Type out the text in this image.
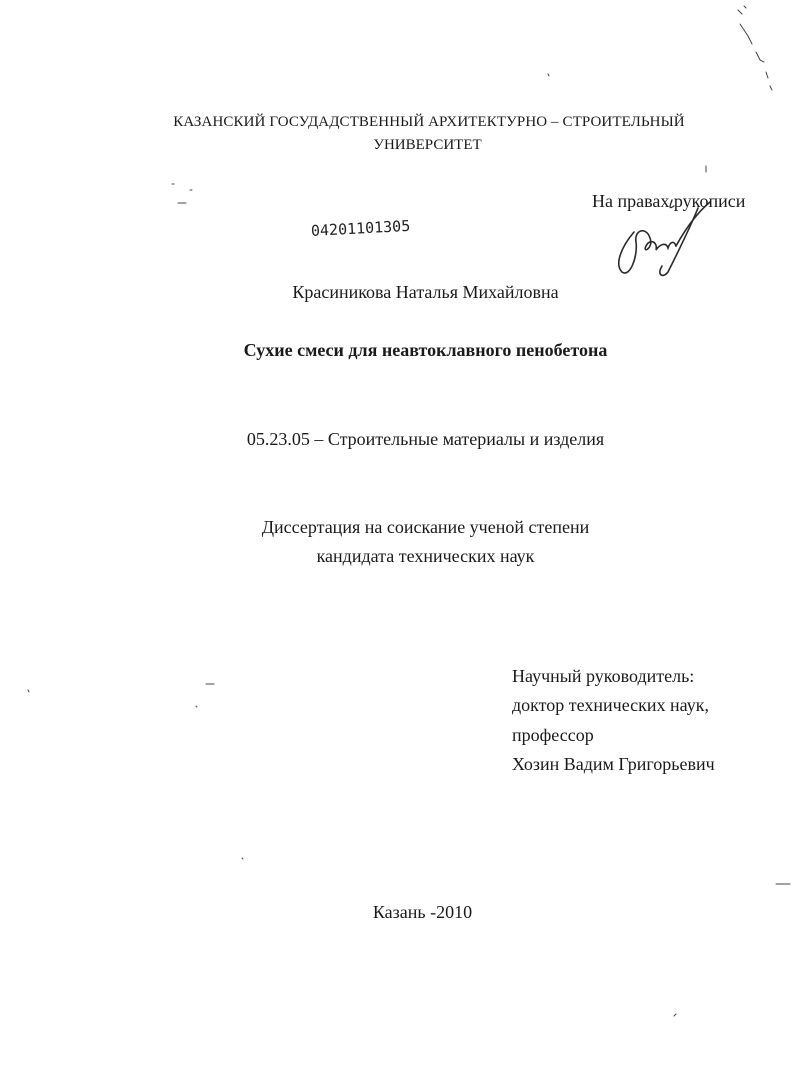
КАЗАНСКИЙ ГОСУДАДСТВЕННЫЙ АРХИТЕКТУРНО – СТРОИТЕЛЬНЫЙ
УНИВЕРСИТЕТ
На правах рукописи
04201101305
Красиникова Наталья Михайловна
Сухие смеси для неавтоклавного пенобетона
05.23.05 – Строительные материалы и изделия
Диссертация на соискание ученой степени
кандидата технических наук
Научный руководитель:
доктор технических наук,
профессор
Хозин Вадим Григорьевич
Казань -2010
